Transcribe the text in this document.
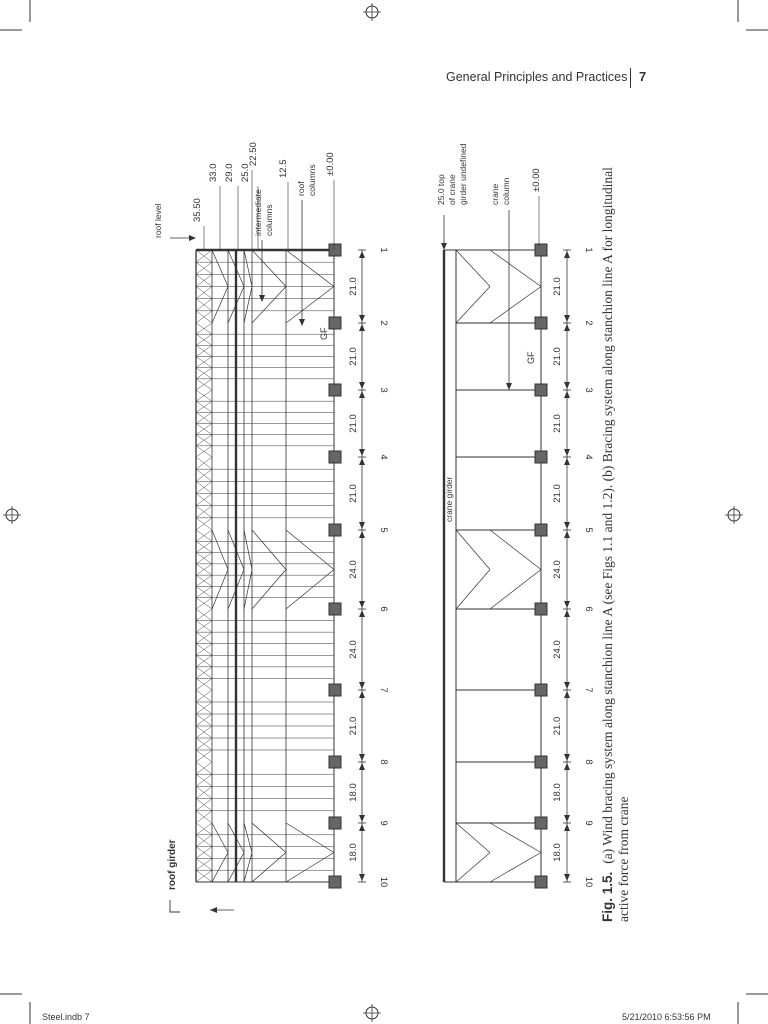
General Principles and Practices 7
21.0
21.0
21.0
21.0
24.0
24.0
21.0
18.0
18.0
1
2
3
4
5
6
7
8
9
10
35.50
33.0 29.0 25.0
22.50
12.5	±0.00
roof level	intermediate columns
roof columns
GF
roof girder
21.0
21.0
21.0
21.0
24.0
24.0
21.0
18.0
18.0
1
2
3
4
5
6
7
8
9
10
25.0 top of crane girder undefined	crane column ±0.00
GF
crane girder
Steel.indb 7	5/21/2010 6:53:56 PM
Fig. 1.5.(a) Wind bracing system along stanchion line A (see Figs 1.1 and 1.2). (b) Bracing system along stanchion line A for longitudinal active force from crane
